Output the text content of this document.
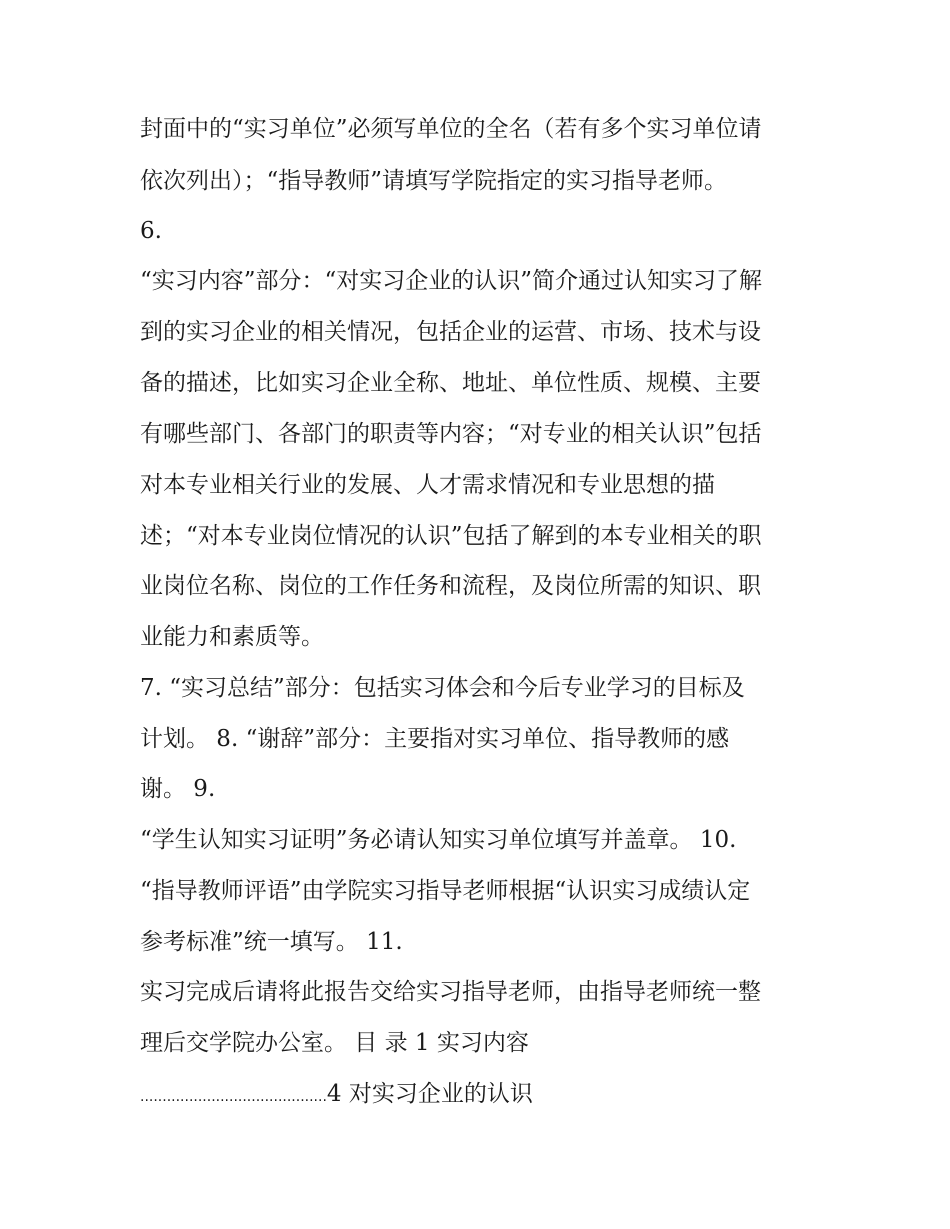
封面中的“实习单位”必须写单位的全名（若有多个实习单位请
依次列出）；“指导教师”请填写学院指定的实习指导老师。
6.
“实习内容”部分：“对实习企业的认识”简介通过认知实习了解
到的实习企业的相关情况，包括企业的运营、市场、技术与设
备的描述，比如实习企业全称、地址、单位性质、规模、主要
有哪些部门、各部门的职责等内容；“对专业的相关认识”包括
对本专业相关行业的发展、人才需求情况和专业思想的描
述；“对本专业岗位情况的认识”包括了解到的本专业相关的职
业岗位名称、岗位的工作任务和流程，及岗位所需的知识、职
业能力和素质等。
7. “实习总结”部分：包括实习体会和今后专业学习的目标及
计划。 8. “谢辞”部分：主要指对实习单位、指导教师的感
谢。 9.
“学生认知实习证明”务必请认知实习单位填写并盖章。 10.
“指导教师评语”由学院实习指导老师根据“认识实习成绩认定
参考标准”统一填写。 11.
实习完成后请将此报告交给实习指导老师，由指导老师统一整
理后交学院办公室。 目 录 1 实习内容
..........................................4 对实习企业的认识
